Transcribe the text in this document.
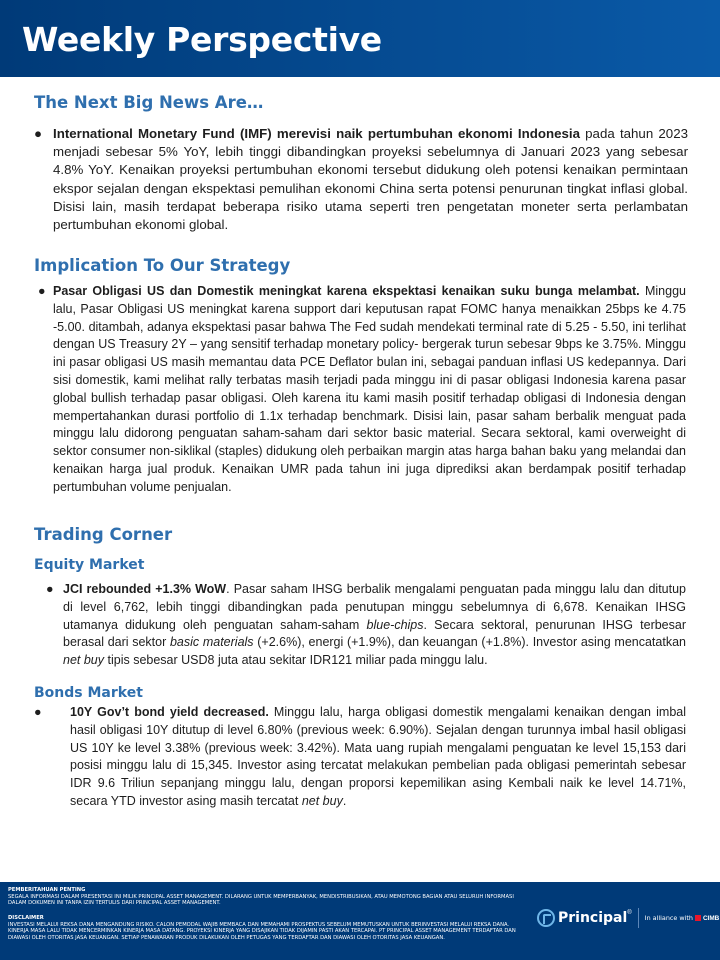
Weekly Perspective
The Next Big News Are…
● International Monetary Fund (IMF) merevisi naik pertumbuhan ekonomi Indonesia pada tahun 2023 menjadi sebesar 5% YoY, lebih tinggi dibandingkan proyeksi sebelumnya di Januari 2023 yang sebesar 4.8% YoY. Kenaikan proyeksi pertumbuhan ekonomi tersebut didukung oleh potensi kenaikan permintaan ekspor sejalan dengan ekspektasi pemulihan ekonomi China serta potensi penurunan tingkat inflasi global. Disisi lain, masih terdapat beberapa risiko utama seperti tren pengetatan moneter serta perlambatan pertumbuhan ekonomi global.
Implication To Our Strategy
● Pasar Obligasi US dan Domestik meningkat karena ekspektasi kenaikan suku bunga melambat. Minggu lalu, Pasar Obligasi US meningkat karena support dari keputusan rapat FOMC hanya menaikkan 25bps ke 4.75 -5.00. ditambah, adanya ekspektasi pasar bahwa The Fed sudah mendekati terminal rate di 5.25 - 5.50, ini terlihat dengan US Treasury 2Y – yang sensitif terhadap monetary policy- bergerak turun sebesar 9bps ke 3.75%. Minggu ini pasar obligasi US masih memantau data PCE Deflator bulan ini, sebagai panduan inflasi US kedepannya. Dari sisi domestik, kami melihat rally terbatas masih terjadi pada minggu ini di pasar obligasi Indonesia karena pasar global bullish terhadap pasar obligasi. Oleh karena itu kami masih positif terhadap obligasi di Indonesia dengan mempertahankan durasi portfolio di 1.1x terhadap benchmark. Disisi lain, pasar saham berbalik menguat pada minggu lalu didorong penguatan saham-saham dari sektor basic material. Secara sektoral, kami overweight di sektor consumer non-siklikal (staples) didukung oleh perbaikan margin atas harga bahan baku yang melandai dan kenaikan harga jual produk. Kenaikan UMR pada tahun ini juga diprediksi akan berdampak positif terhadap pertumbuhan volume penjualan.
Trading Corner
Equity Market
● JCI rebounded +1.3% WoW. Pasar saham IHSG berbalik mengalami penguatan pada minggu lalu dan ditutup di level 6,762, lebih tinggi dibandingkan pada penutupan minggu sebelumnya di 6,678. Kenaikan IHSG utamanya didukung oleh penguatan saham-saham blue-chips. Secara sektoral, penurunan IHSG terbesar berasal dari sektor basic materials (+2.6%), energi (+1.9%), dan keuangan (+1.8%). Investor asing mencatatkan net buy tipis sebesar USD8 juta atau sekitar IDR121 miliar pada minggu lalu.
Bonds Market
● 10Y Gov’t bond yield decreased. Minggu lalu, harga obligasi domestik mengalami kenaikan dengan imbal hasil obligasi 10Y ditutup di level 6.80% (previous week: 6.90%). Sejalan dengan turunnya imbal hasil obligasi US 10Y ke level 3.38% (previous week: 3.42%). Mata uang rupiah mengalami penguatan ke level 15,153 dari posisi minggu lalu di 15,345. Investor asing tercatat melakukan pembelian pada obligasi pemerintah sebesar IDR 9.6 Triliun sepanjang minggu lalu, dengan proporsi kepemilikan asing Kembali naik ke level 14.71%, secara YTD investor asing masih tercatat net buy.
PEMBERITAHUAN PENTING
SEGALA INFORMASI DALAM PRESENTASI INI MILIK PRINCIPAL ASSET MANAGEMENT. DILARANG UNTUK MEMPERBANYAK, MENDISTRIBUSIKAN, ATAU MEMOTONG BAGIAN ATAU SELURUH INFORMASI DALAM DOKUMEN INI TANPA IZIN TERTULIS DARI PRINCIPAL ASSET MANAGEMENT.
DISCLAIMER
INVESTASI MELALUI REKSA DANA MENGANDUNG RISIKO. CALON PEMODAL WAJIB MEMBACA DAN MEMAHAMI PROSPEKTUS SEBELUM MEMUTUSKAN UNTUK BERINVESTASI MELALUI REKSA DANA. KINERJA MASA LALU TIDAK MENCERMINKAN KINERJA MASA DATANG. PROYEKSI KINERJA YANG DISAJIKAN TIDAK DIJAMIN PASTI AKAN TERCAPAI. PT PRINCIPAL ASSET MANAGEMENT TERDAFTAR DAN DIAWASI OLEH OTORITAS JASA KEUANGAN. SETIAP PENAWARAN PRODUK DILAKUKAN OLEH PETUGAS YANG TERDAFTAR DAN DIAWASI OLEH OTORITAS JASA KEUANGAN.
Principal ®
In alliance with CIMB
